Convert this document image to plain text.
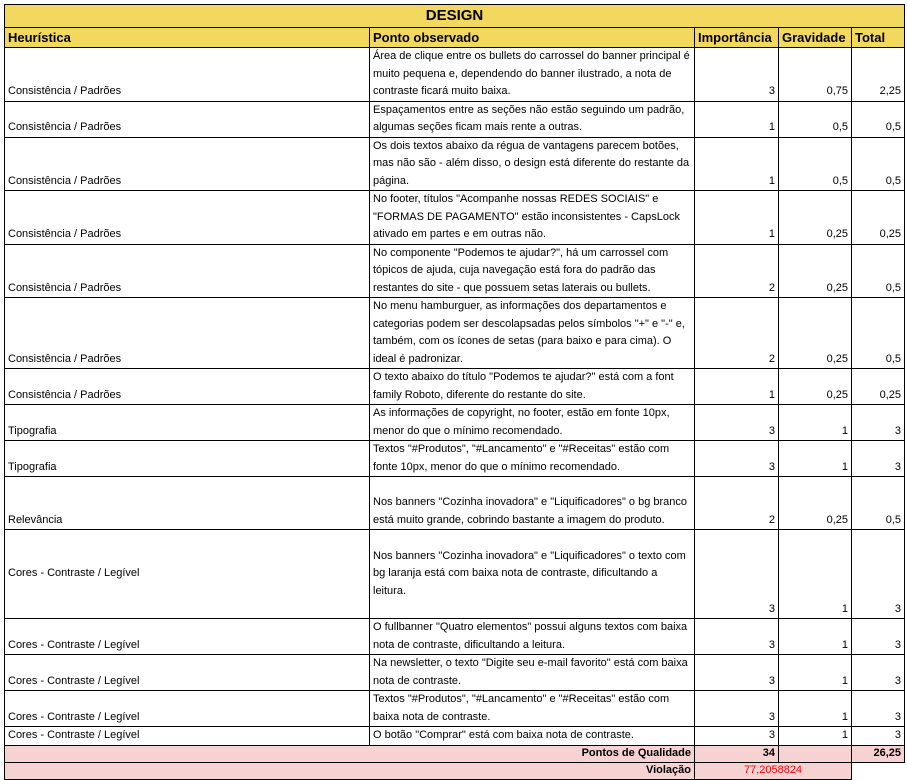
DESIGN				
Heurística	Ponto observado	Importância	Gravidade	Total
Consistência / Padrões	Área de clique entre os bullets do carrossel do banner principal é muito pequena e, dependendo do banner ilustrado, a nota de contraste ficará muito baixa.	3	0,75	2,25
Consistência / Padrões	Espaçamentos entre as seções não estão seguindo um padrão, algumas seções ficam mais rente a outras.	1	0,5	0,5
Consistência / Padrões	Os dois textos abaixo da régua de vantagens parecem botões, mas não são - além disso, o design está diferente do restante da página.	1	0,5	0,5
Consistência / Padrões	No footer, títulos "Acompanhe nossas REDES SOCIAIS" e "FORMAS DE PAGAMENTO" estão inconsistentes - CapsLock ativado em partes e em outras não.	1	0,25	0,25
Consistência / Padrões	No componente "Podemos te ajudar?", há um carrossel com tópicos de ajuda, cuja navegação está fora do padrão das restantes do site - que possuem setas laterais ou bullets.	2	0,25	0,5
Consistência / Padrões	No menu hamburguer, as informações dos departamentos e categorias podem ser descolapsadas pelos símbolos "+" e "-" e, também, com os ícones de setas (para baixo e para cima). O ideal é padronizar.	2	0,25	0,5
Consistência / Padrões	O texto abaixo do título "Podemos te ajudar?" está com a font family Roboto, diferente do restante do site.	1	0,25	0,25
Tipografia	As informações de copyright, no footer, estão em fonte 10px, menor do que o mínimo recomendado.	3	1	3
Tipografia	Textos "#Produtos", "#Lancamento" e "#Receitas" estão com fonte 10px, menor do que o mínimo recomendado.	3	1	3
Relevância	Nos banners "Cozinha inovadora" e "Liquificadores" o bg branco está muito grande, cobrindo bastante a imagem do produto.	2	0,25	0,5
Cores - Contraste / Legível	Nos banners "Cozinha inovadora" e "Liquificadores" o texto com bg laranja está com baixa nota de contraste, dificultando a leitura.	3	1	3
Cores - Contraste / Legível	O fullbanner "Quatro elementos" possui alguns textos com baixa nota de contraste, dificultando a leitura.	3	1	3
Cores - Contraste / Legível	Na newsletter, o texto "Digite seu e-mail favorito" está com baixa nota de contraste.	3	1	3
Cores - Contraste / Legível	Textos "#Produtos", "#Lancamento" e "#Receitas" estão com baixa nota de contraste.	3	1	3
Cores - Contraste / Legível	O botão "Comprar" está com baixa nota de contraste.	3	1	3
Pontos de Qualidade		34		26,25
Violação		77,2058824		
